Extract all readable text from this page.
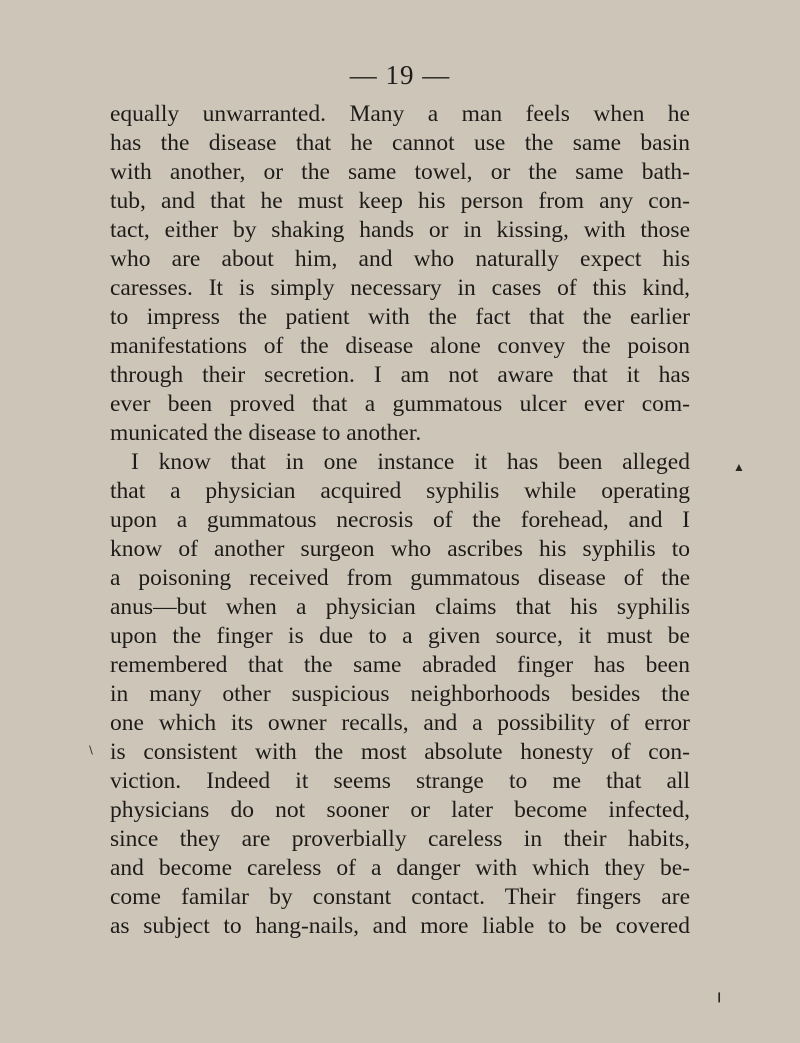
— 19 —
equally unwarranted. Many a man feels when he
has the disease that he cannot use the same basin
with another, or the same towel, or the same bath-
tub, and that he must keep his person from any con-
tact, either by shaking hands or in kissing, with those
who are about him, and who naturally expect his
caresses. It is simply necessary in cases of this kind,
to impress the patient with the fact that the earlier
manifestations of the disease alone convey the poison
through their secretion. I am not aware that it has
ever been proved that a gummatous ulcer ever com-
municated the disease to another.
I know that in one instance it has been alleged
that a physician acquired syphilis while operating
upon a gummatous necrosis of the forehead, and I
know of another surgeon who ascribes his syphilis to
a poisoning received from gummatous disease of the
anus—but when a physician claims that his syphilis
upon the finger is due to a given source, it must be
remembered that the same abraded finger has been
in many other suspicious neighborhoods besides the
one which its owner recalls, and a possibility of error
is consistent with the most absolute honesty of con-
viction. Indeed it seems strange to me that all
physicians do not sooner or later become infected,
since they are proverbially careless in their habits,
and become careless of a danger with which they be-
come familar by constant contact. Their fingers are
as subject to hang-nails, and more liable to be covered
▲
∖
❙
